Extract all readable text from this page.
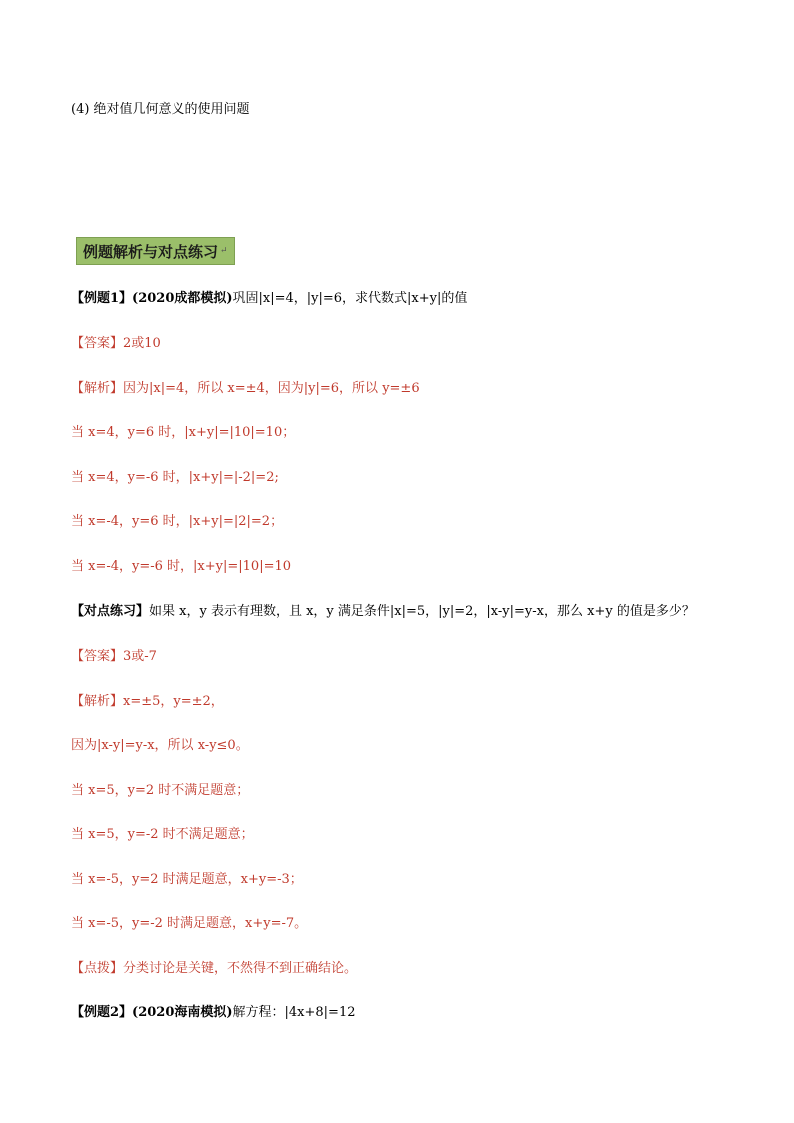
(4) 绝对值几何意义的使用问题
例题解析与对点练习 ↵
【例题1】(2020成都模拟)巩固|x|=4，|y|=6，求代数式|x+y|的值
【答案】2或10
【解析】因为|x|=4，所以 x=±4，因为|y|=6，所以 y=±6
当 x=4，y=6 时，|x+y|=|10|=10；
当 x=4，y=-6 时，|x+y|=|-2|=2;
当 x=-4，y=6 时，|x+y|=|2|=2；
当 x=-4，y=-6 时，|x+y|=|10|=10
【对点练习】如果 x，y 表示有理数，且 x，y 满足条件|x|=5，|y|=2，|x-y|=y-x，那么 x+y 的值是多少？
【答案】3或-7
【解析】x=±5，y=±2，
因为|x-y|=y-x，所以 x-y≤0。
当 x=5，y=2 时不满足题意；
当 x=5，y=-2 时不满足题意；
当 x=-5，y=2 时满足题意，x+y=-3；
当 x=-5，y=-2 时满足题意，x+y=-7。
【点拨】分类讨论是关键，不然得不到正确结论。
【例题2】(2020海南模拟)解方程：|4x+8|=12
